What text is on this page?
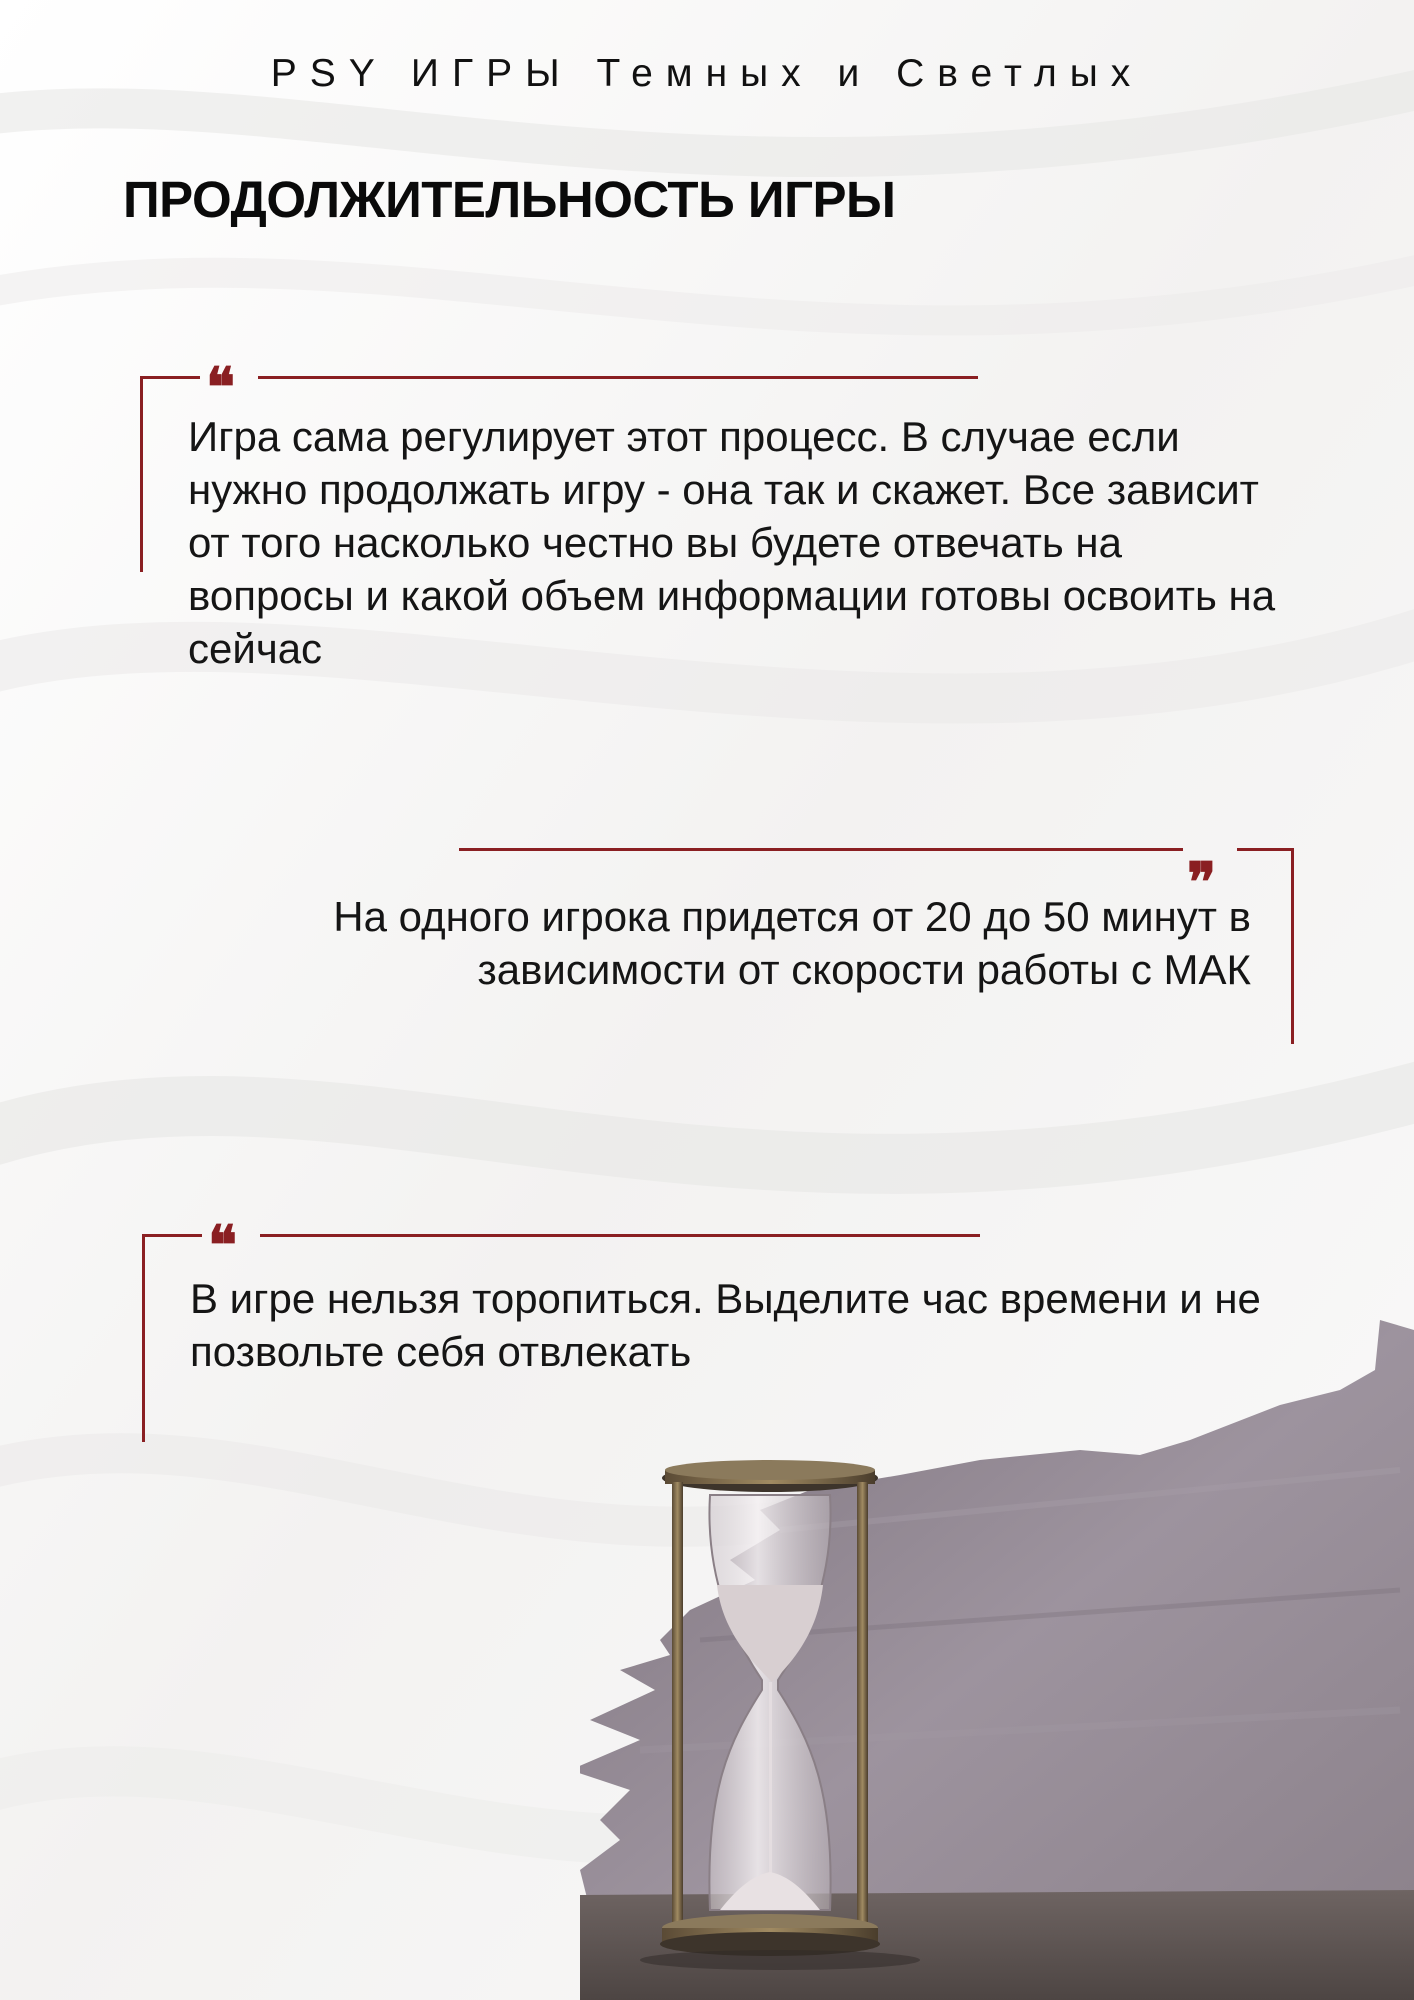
PSY ИГРЫ Темных и Светлых
ПРОДОЛЖИТЕЛЬНОСТЬ ИГРЫ
❝

Игра сама регулирует этот процесс. В случае если нужно продолжать игру - она так и скажет. Все зависит от того насколько честно вы будете отвечать на вопросы и какой объем информации готовы освоить на сейчас

❝

На одного игрока придется от 20 до 50 минут в зависимости от скорости работы с МАК

❝

В игре нельзя торопиться. Выделите час времени и не позвольте себя отвлекать
